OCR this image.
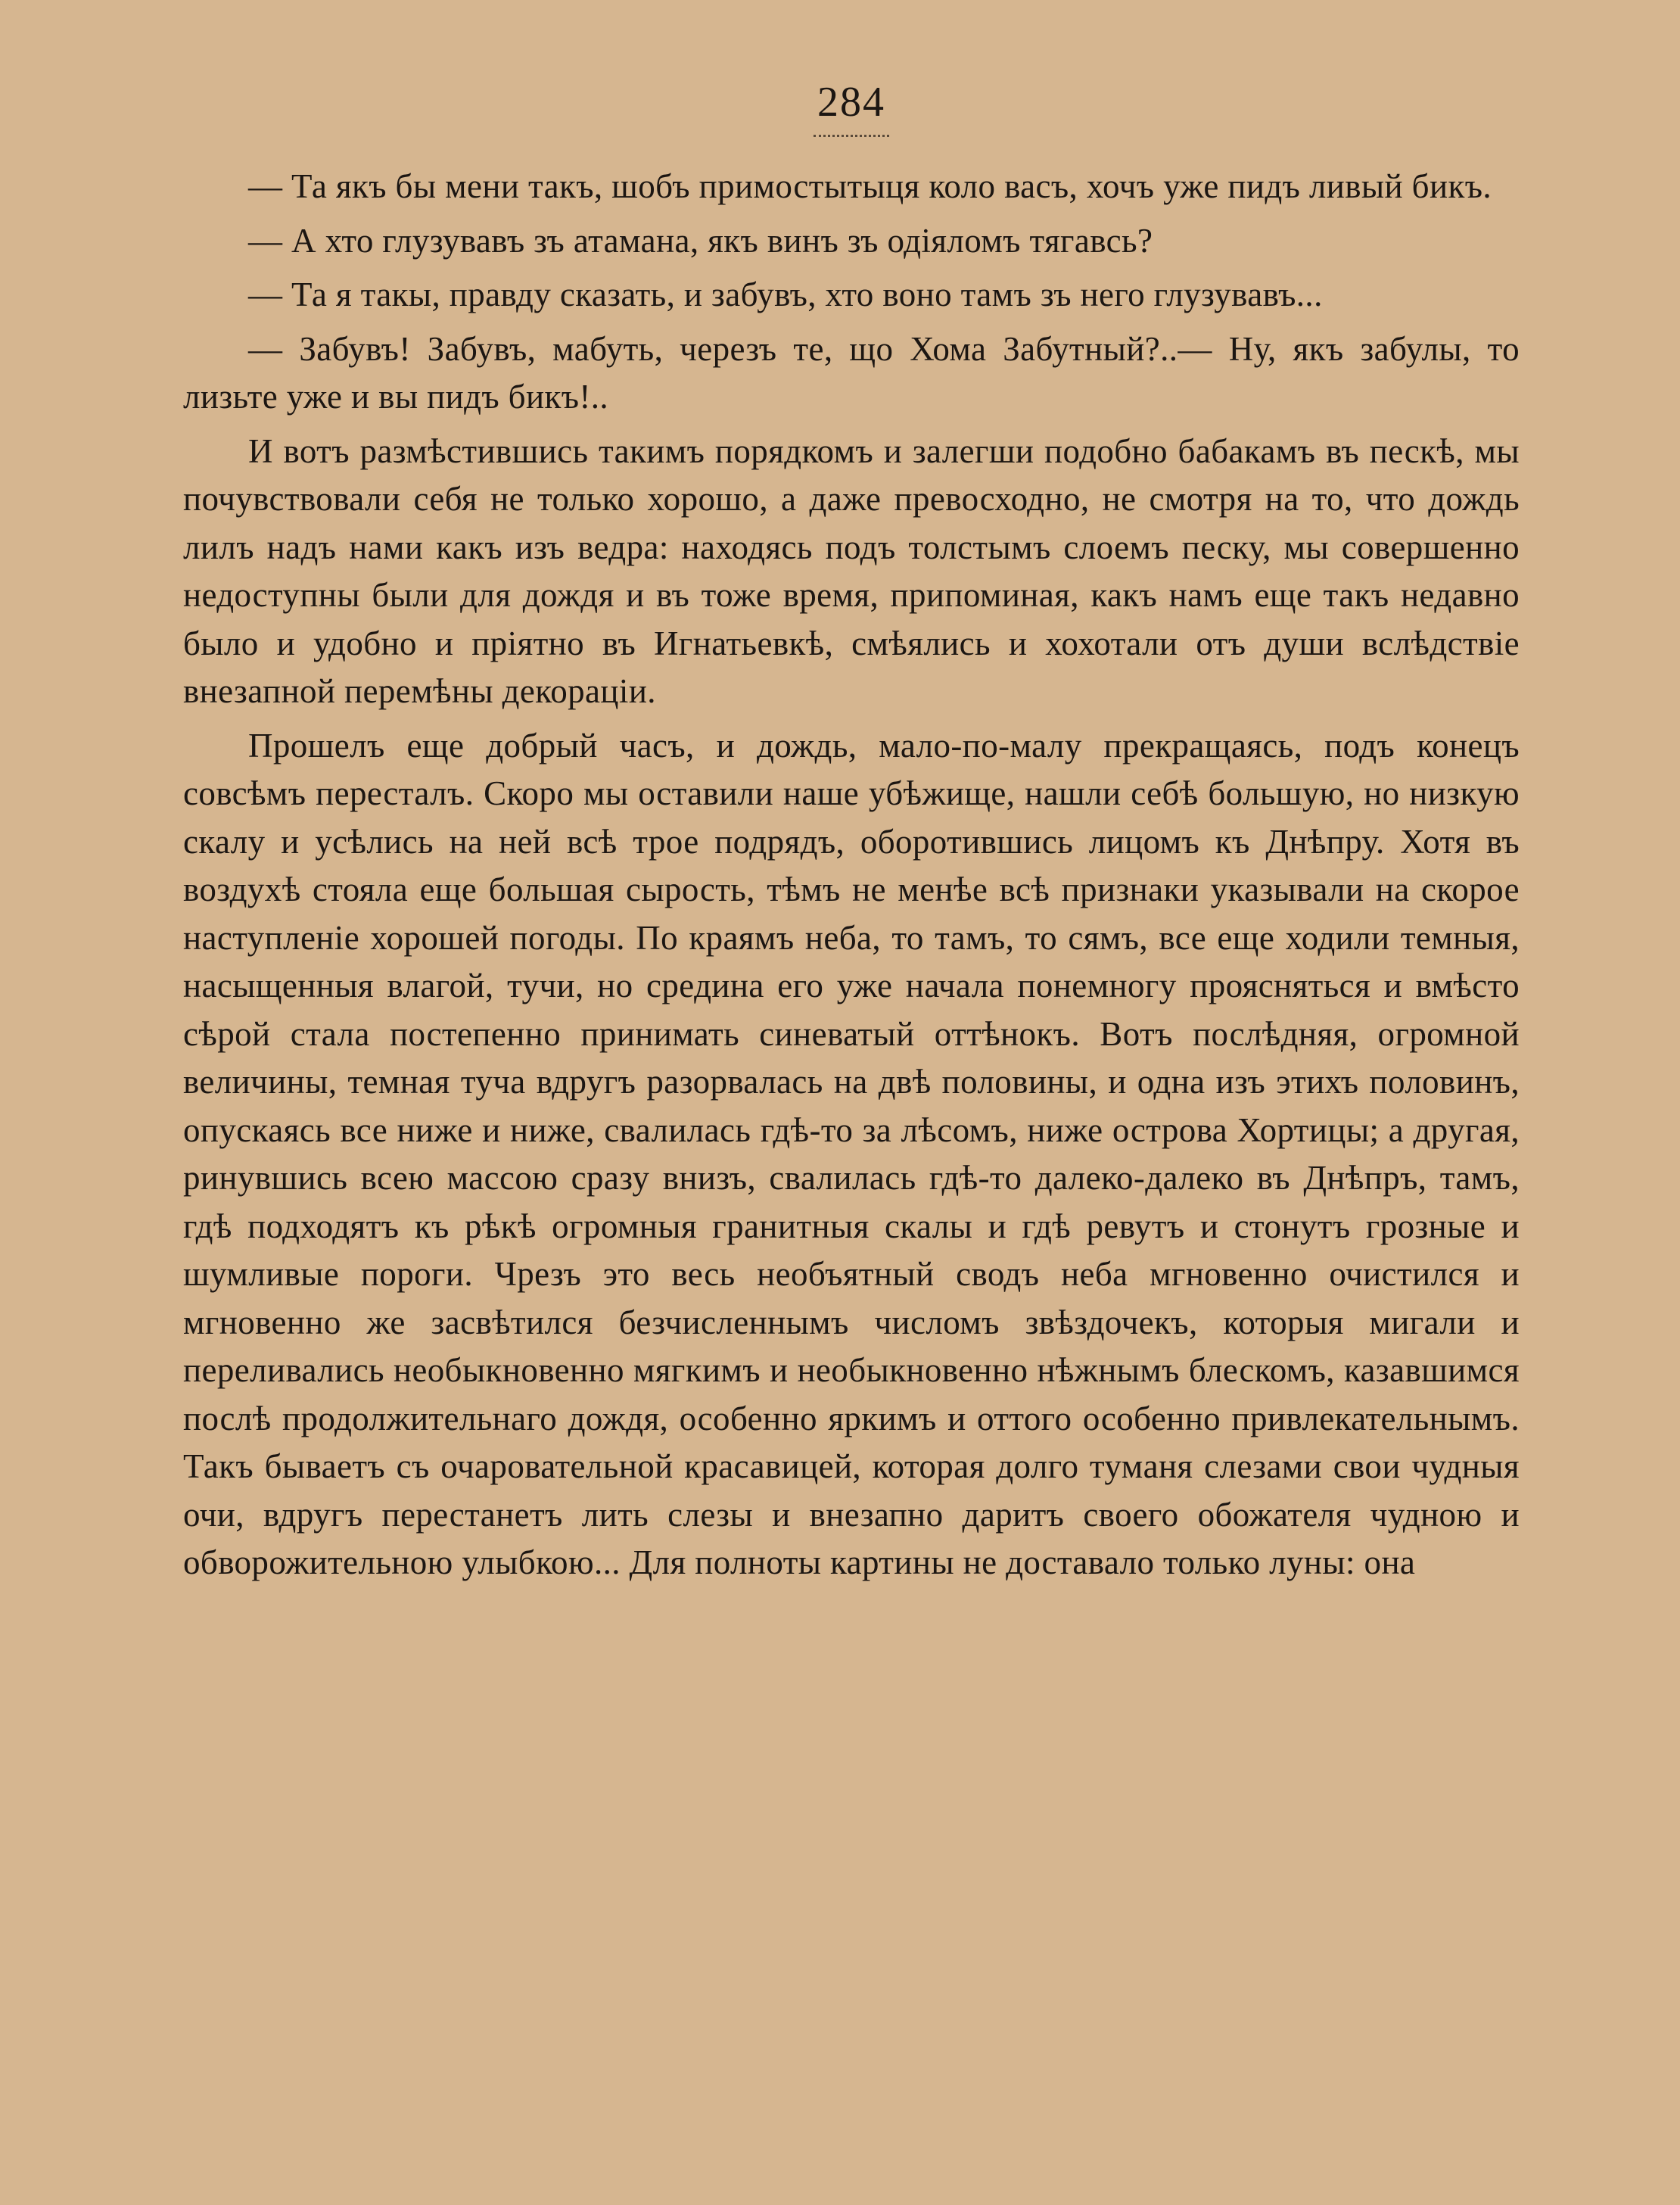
284

— Та якъ бы мени такъ, шобъ примостытыця коло васъ, хочъ уже пидъ ливый бикъ.

— А хто глузувавъ зъ атамана, якъ винъ зъ одіяломъ тягавсь?

— Та я такы, правду сказать, и забувъ, хто воно тамъ зъ него глузувавъ...

— Забувъ! Забувъ, мабуть, черезъ те, що Хома Забутный?..— Ну, якъ забулы, то лизьте уже и вы пидъ бикъ!..

И вотъ размѣстившись такимъ порядкомъ и залегши подобно бабакамъ въ пескѣ, мы почувствовали себя не только хорошо, а даже превосходно, не смотря на то, что дождь лилъ надъ нами какъ изъ ведра: находясь подъ толстымъ слоемъ песку, мы совершенно недоступны были для дождя и въ тоже время, припоминая, какъ намъ еще такъ недавно было и удобно и пріятно въ Игнатьевкѣ, смѣялись и хохотали отъ души вслѣдствіе внезапной перемѣны декораціи.

Прошелъ еще добрый часъ, и дождь, мало-по-малу прекращаясь, подъ конецъ совсѣмъ пересталъ. Скоро мы оставили наше убѣжище, нашли себѣ большую, но низкую скалу и усѣлись на ней всѣ трое подрядъ, оборотившись лицомъ къ Днѣпру. Хотя въ воздухѣ стояла еще большая сырость, тѣмъ не менѣе всѣ признаки указывали на скорое наступленіе хорошей погоды. По краямъ неба, то тамъ, то сямъ, все еще ходили темныя, насыщенныя влагой, тучи, но средина его уже начала понемногу проясняться и вмѣсто сѣрой стала постепенно принимать синеватый оттѣнокъ. Вотъ послѣдняя, огромной величины, темная туча вдругъ разорвалась на двѣ половины, и одна изъ этихъ половинъ, опускаясь все ниже и ниже, свалилась гдѣ-то за лѣсомъ, ниже острова Хортицы; а другая, ринувшись всею массою сразу внизъ, свалилась гдѣ-то далеко-далеко въ Днѣпръ, тамъ, гдѣ подходятъ къ рѣкѣ огромныя гранитныя скалы и гдѣ ревутъ и стонутъ грозные и шумливые пороги. Чрезъ это весь необъятный сводъ неба мгновенно очистился и мгновенно же засвѣтился безчисленнымъ числомъ звѣздочекъ, которыя мигали и переливались необыкновенно мягкимъ и необыкновенно нѣжнымъ блескомъ, казавшимся послѣ продолжительнаго дождя, особенно яркимъ и оттого особенно привлекательнымъ. Такъ бываетъ съ очаровательной красавицей, которая долго тумaня слезами свои чудныя очи, вдругъ перестанетъ лить слезы и внезапно даритъ своего обожателя чудною и обворожительною улыбкою... Для полноты картины не доставало только луны: она
